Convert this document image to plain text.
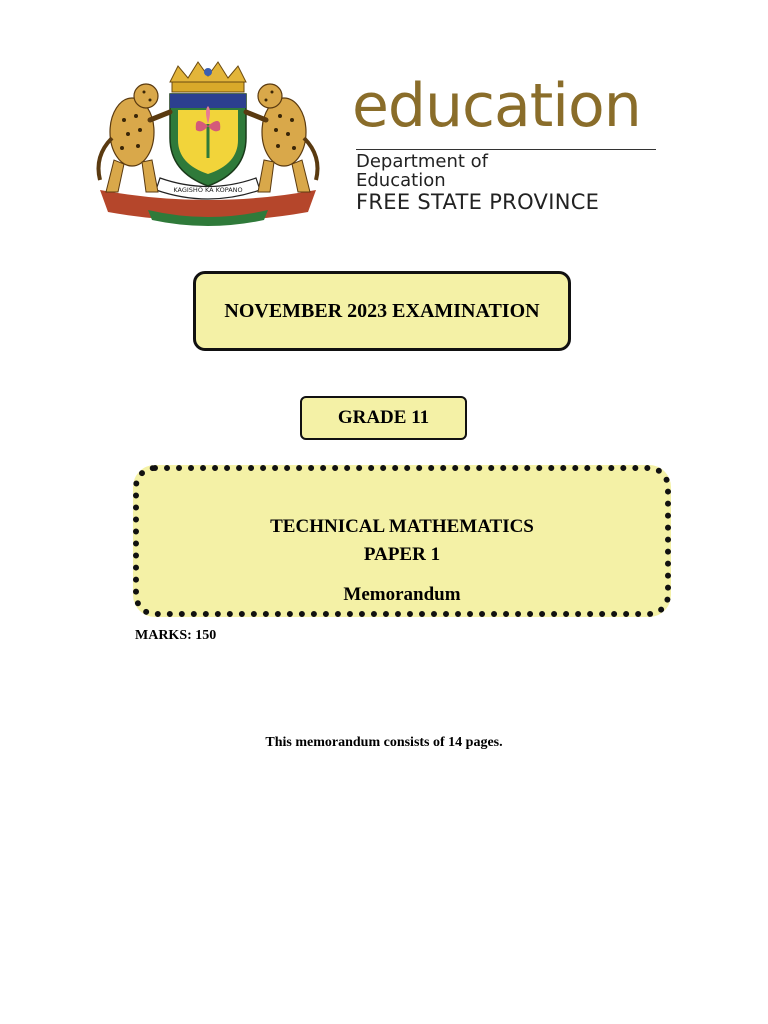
KAGISHO KA KOPANO
education
Department of
Education
FREE STATE PROVINCE
NOVEMBER 2023 EXAMINATION
GRADE 11
TECHNICAL MATHEMATICS
PAPER 1
Memorandum
MARKS: 150
This memorandum consists of 14 pages.
